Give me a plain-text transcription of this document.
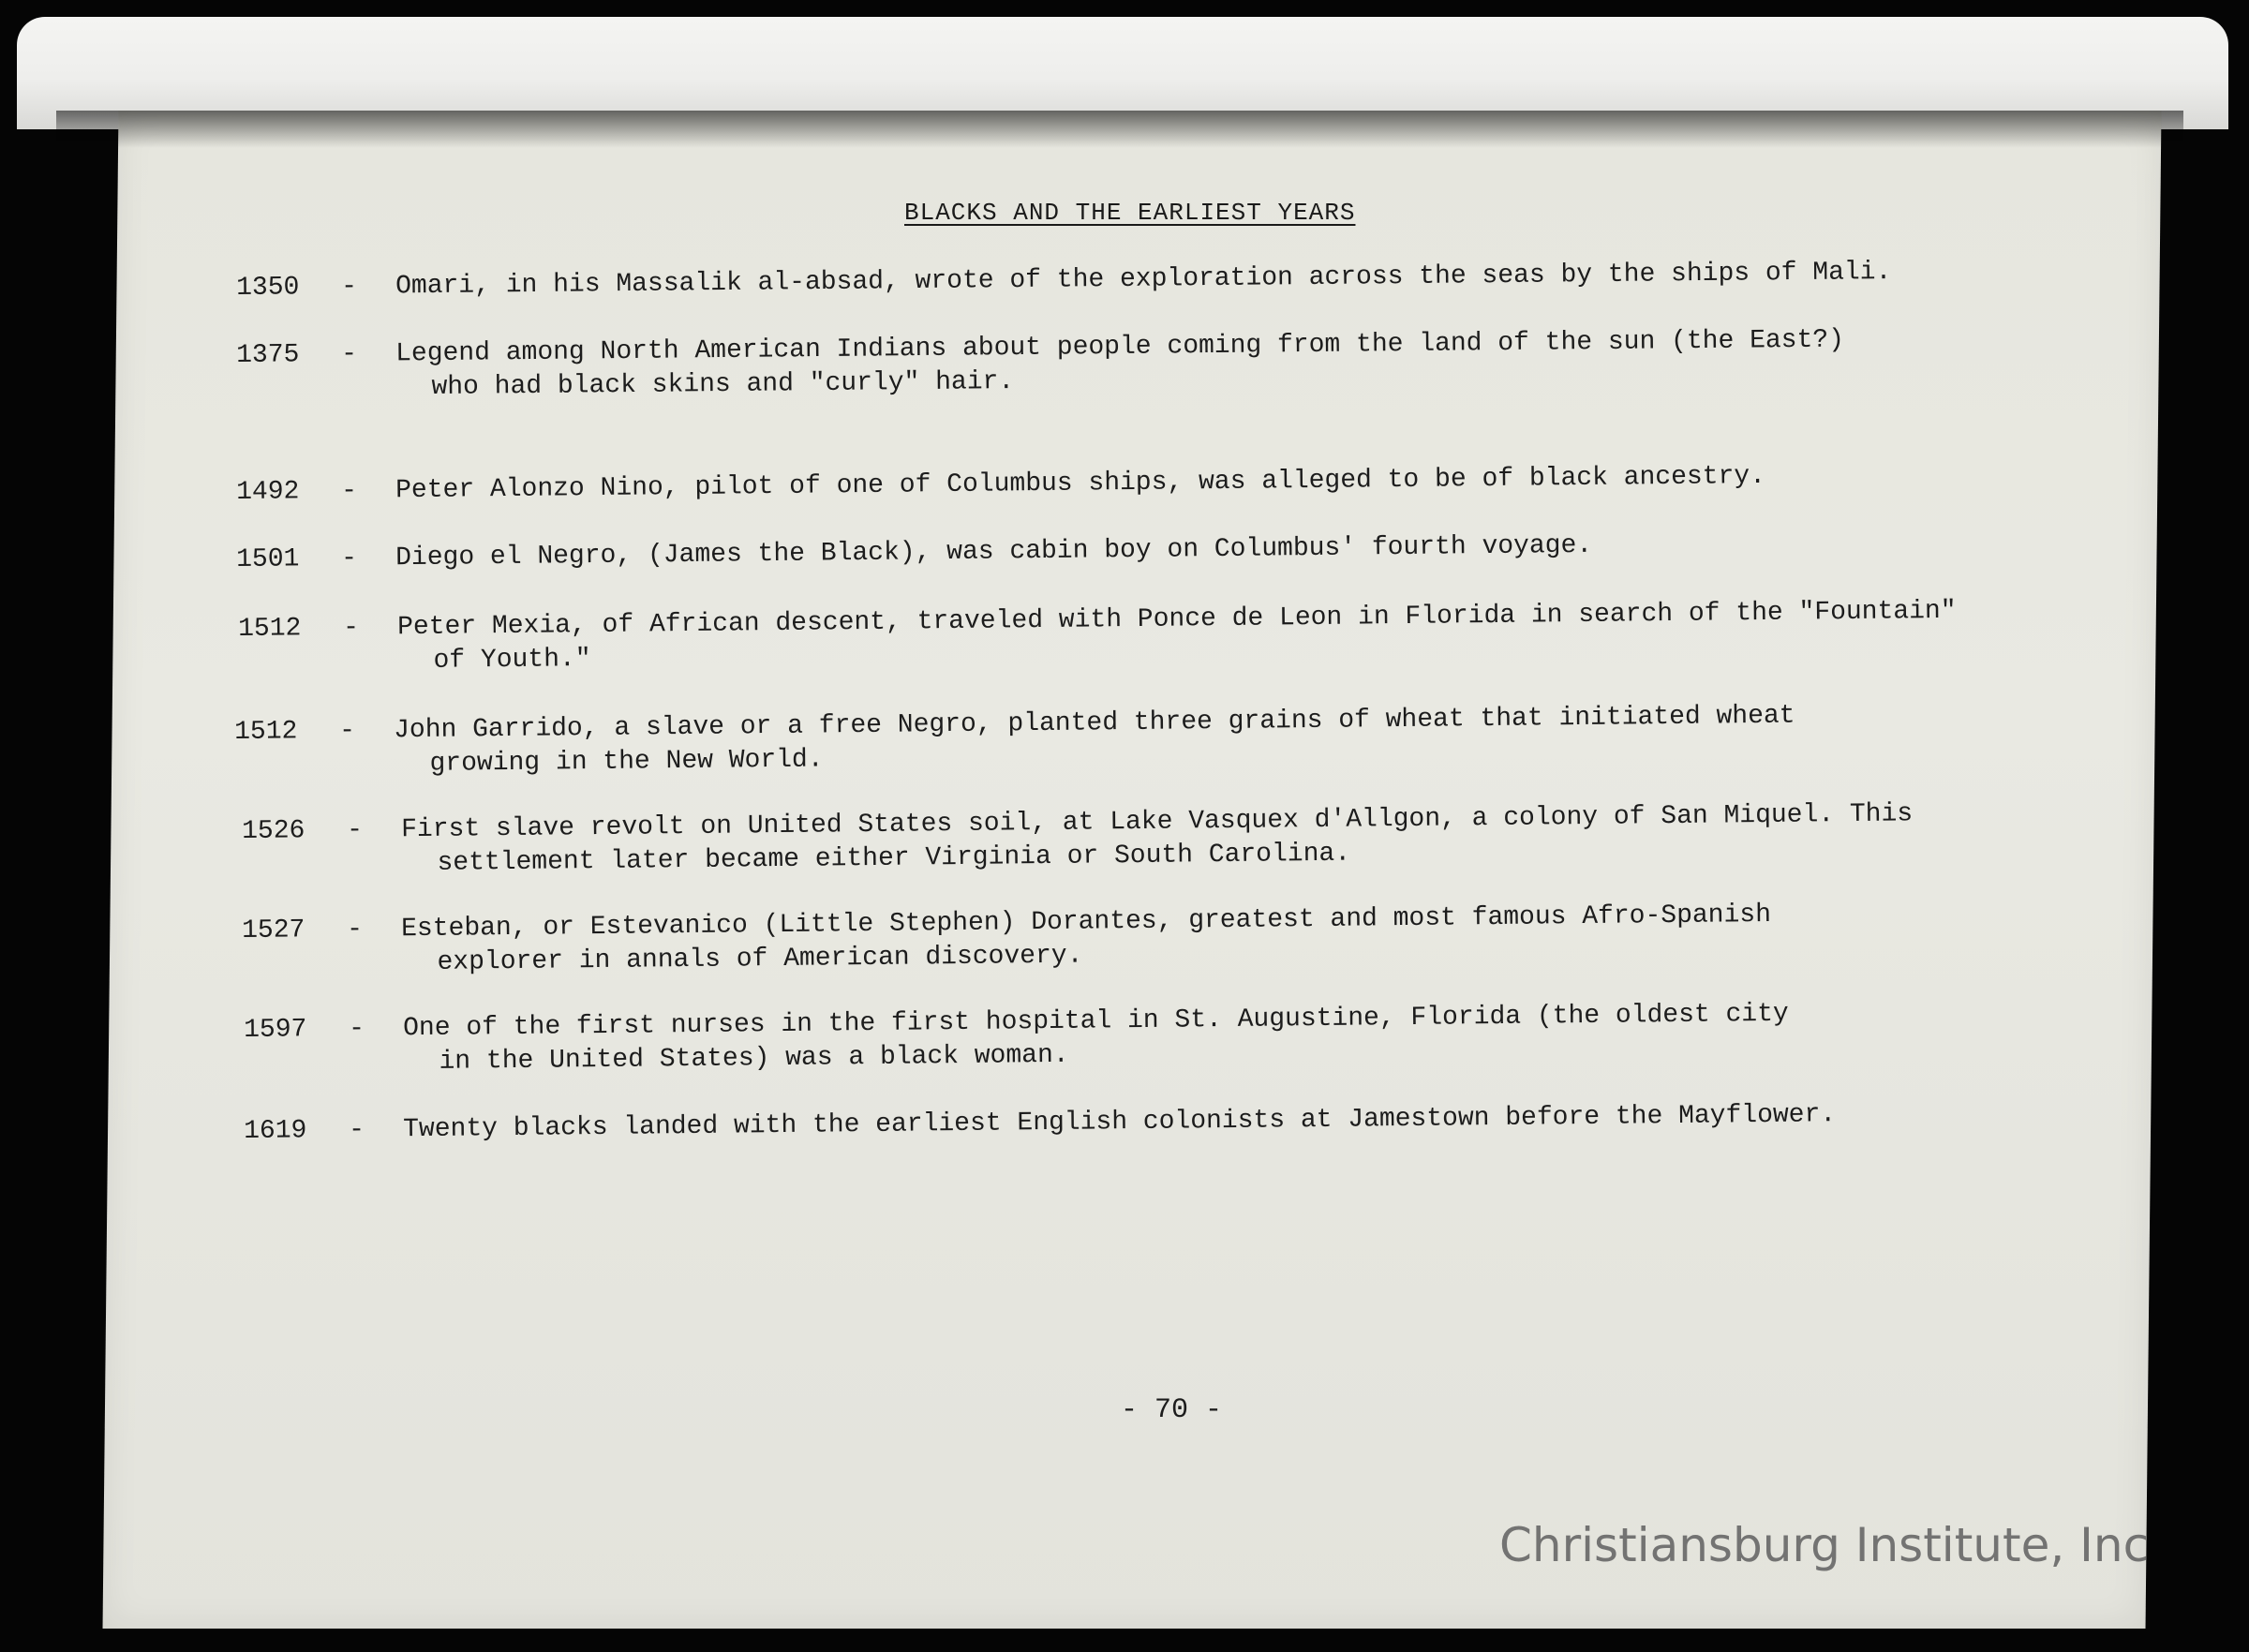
BLACKS AND THE EARLIEST YEARS
1350 - Omari, in his Massalik al-absad, wrote of the exploration across the seas by the ships of Mali.
1375 - Legend among North American Indians about people coming from the land of the sun (the East?)
who had black skins and "curly" hair.
1492 - Peter Alonzo Nino, pilot of one of Columbus ships, was alleged to be of black ancestry.
1501 - Diego el Negro, (James the Black), was cabin boy on Columbus' fourth voyage.
1512 - Peter Mexia, of African descent, traveled with Ponce de Leon in Florida in search of the "Fountain"
of Youth."
1512 - John Garrido, a slave or a free Negro, planted three grains of wheat that initiated wheat
growing in the New World.
1526 - First slave revolt on United States soil, at Lake Vasquex d'Allgon, a colony of San Miquel. This
settlement later became either Virginia or South Carolina.
1527 - Esteban, or Estevanico (Little Stephen) Dorantes, greatest and most famous Afro-Spanish
explorer in annals of American discovery.
1597 - One of the first nurses in the first hospital in St. Augustine, Florida (the oldest city
in the United States) was a black woman.
1619 - Twenty blacks landed with the earliest English colonists at Jamestown before the Mayflower.
- 70 -
Christiansburg Institute, Inc
